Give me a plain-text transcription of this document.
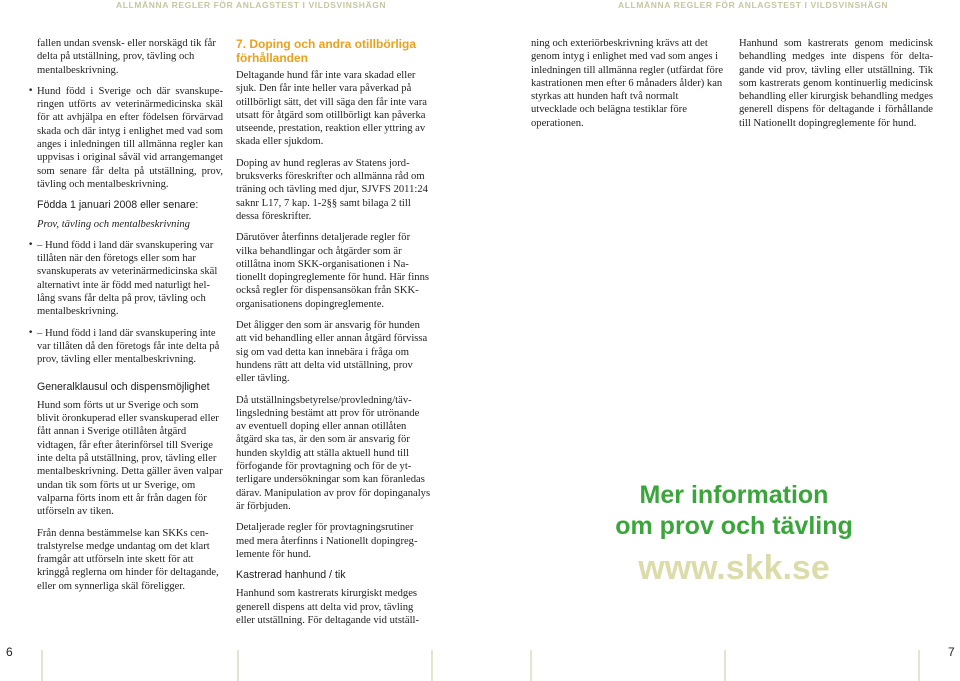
ALLMÄNNA REGLER FÖR ANLAGSTEST I VILDSVINSHÄGN	ALLMÄNNA REGLER FÖR ANLAGSTEST I VILDSVINSHÄGN

fallen undan svensk- eller norskägd tik får delta på utställning, prov, tävling och mentalbeskrivning.

• Hund född i Sverige och där svanskuperingen utförts av veterinärmedicinska skäl för att avhjälpa en efter födelsen förvärvad skada och där intyg i enlighet med vad som anges i inledningen till allmänna regler kan uppvisas i original såväl vid arrangemanget som senare får delta på utställning, prov, tävling och mentalbeskrivning.

Födda 1 januari 2008 eller senare:

Prov, tävling och mentalbeskrivning

• – Hund född i land där svanskupering var tillåten när den företogs eller som har svanskuperats av veterinärmedicinska skäl alternativt inte är född med naturligt hellång svans får delta på prov, tävling och mentalbeskrivning.

• – Hund född i land där svanskupering inte var tillåten då den företogs får inte delta på prov, tävling eller mentalbeskrivning.

Generalklausul och dispensmöjlighet

Hund som förts ut ur Sverige och som blivit öronkuperad eller svanskuperad eller fått annan i Sverige otillåten åtgärd vidtagen, får efter återinförsel till Sverige inte delta på utställning, prov, tävling eller mentalbeskrivning. Detta gäller även valpar undan tik som förts ut ur Sverige, om valparna förts inom ett år från dagen för utförseln av tiken.

Från denna bestämmelse kan SKKs centralstyrelse medge undantag om det klart framgår att utförseln inte skett för att kringgå reglerna om hinder för deltagande, eller om synnerliga skäl föreligger.

7. Doping och andra otillbörliga förhållanden

Deltagande hund får inte vara skadad eller sjuk. Den får inte heller vara påverkad på otillbörligt sätt, det vill säga den får inte vara utsatt för åtgärd som otillbörligt kan påverka utseende, prestation, reaktion eller yttring av skada eller sjukdom.

Doping av hund regleras av Statens jordbruksverks föreskrifter och allmänna råd om träning och tävling med djur, SJVFS 2011:24 saknr L17, 7 kap. 1-2§§ samt bilaga 2 till dessa föreskrifter.

Därutöver återfinns detaljerade regler för vilka behandlingar och åtgärder som är otillåtna inom SKK-organisationen i Nationellt dopingreglemente för hund. Här finns också regler för dispensansökan från SKK-organisationens dopingreglemente.

Det åligger den som är ansvarig för hunden att vid behandling eller annan åtgärd förvissa sig om vad detta kan innebära i fråga om hundens rätt att delta vid utställning, prov eller tävling.

Då utställningsbetyrelse/provledning/tävlingsledning bestämt att prov för utrönande av eventuell doping eller annan otillåten åtgärd ska tas, är den som är ansvarig för hunden skyldig att ställa aktuell hund till förfogande för provtagning och för de ytterligare undersökningar som kan föranledas därav. Manipulation av prov för dopinganalys är förbjuden.

Detaljerade regler för provtagningsrutiner med mera återfinns i Nationellt dopingreglemente för hund.

Kastrerad hanhund / tik

Hanhund som kastrerats kirurgiskt medges generell dispens att delta vid prov, tävling eller utställning. För deltagande vid utställ-

ning och exteriörbeskrivning krävs att det genom intyg i enlighet med vad som anges i inledningen till allmänna regler (utfärdat före kastrationen men efter 6 månaders ålder) kan styrkas att hunden haft två normalt utvecklade och belägna testiklar före operationen.

Hanhund som kastrerats genom medicinsk behandling medges inte dispens för deltagande vid prov, tävling eller utställning. Tik som kastrerats genom kontinuerlig medicinsk behandling eller kirurgisk behandling medges generell dispens för deltagande i förhållande till Nationellt dopingreglemente för hund.

Mer information
om prov och tävling
www.skk.se
6	7
